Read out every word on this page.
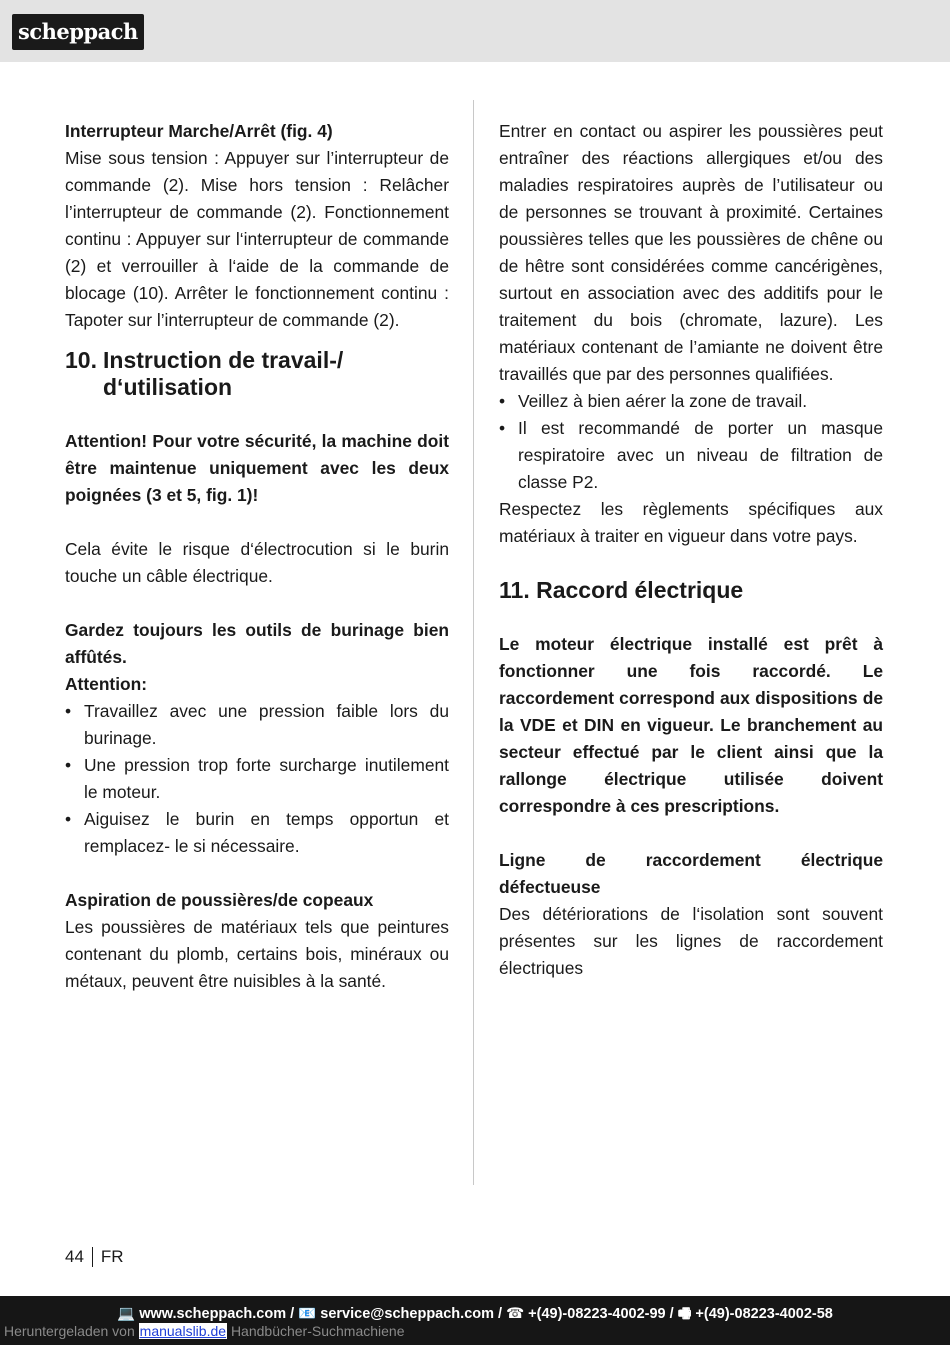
scheppach

Interrupteur Marche/Arrêt (fig. 4)

Mise sous tension : Appuyer sur l’interrupteur de commande (2). Mise hors tension : Relâcher l’interrupteur de commande (2). Fonctionnement continu : Appuyer sur l‘interrupteur de commande (2) et verrouiller à l‘aide de la commande de blocage (10). Arrêter le fonctionnement continu : Tapoter sur l’interrupteur de commande (2).

10. Instruction de travail-/ d‘utilisation

Attention! Pour votre sécurité, la machine doit être maintenue uniquement avec les deux poignées (3 et 5, fig. 1)!

Cela évite le risque d‘électrocution si le burin touche un câble électrique.

Gardez toujours les outils de burinage bien affûtés.

Attention:

• Travaillez avec une pression faible lors du burinage.
• Une pression trop forte surcharge inutilement le moteur.
• Aiguisez le burin en temps opportun et remplacez- le si nécessaire.

Aspiration de poussières/de copeaux

Les poussières de matériaux tels que peintures contenant du plomb, certains bois, minéraux ou métaux, peuvent être nuisibles à la santé.

Entrer en contact ou aspirer les poussières peut entraîner des réactions allergiques et/ou des maladies respiratoires auprès de l’utilisateur ou de personnes se trouvant à proximité. Certaines poussières telles que les poussières de chêne ou de hêtre sont considérées comme cancérigènes, surtout en association avec des additifs pour le traitement du bois (chromate, lazure). Les matériaux contenant de l’amiante ne doivent être travaillés que par des personnes qualifiées.

• Veillez à bien aérer la zone de travail.
• Il est recommandé de porter un masque respiratoire avec un niveau de filtration de classe P2.

Respectez les règlements spécifiques aux matériaux à traiter en vigueur dans votre pays.

11. Raccord électrique

Le moteur électrique installé est prêt à fonctionner une fois raccordé. Le raccordement correspond aux dispositions de la VDE et DIN en vigueur. Le branchement au secteur effectué par le client ainsi que la rallonge électrique utilisée doivent correspondre à ces prescriptions.

Ligne de raccordement électrique défectueuse

Des détériorations de l‘isolation sont souvent présentes sur les lignes de raccordement électriques

44 FR
💻 www.scheppach.com / 📧 service@scheppach.com / ☎ +(49)-08223-4002-99 / 🖷 +(49)-08223-4002-58
Heruntergeladen von manualslib.de Handbücher-Suchmachiene
